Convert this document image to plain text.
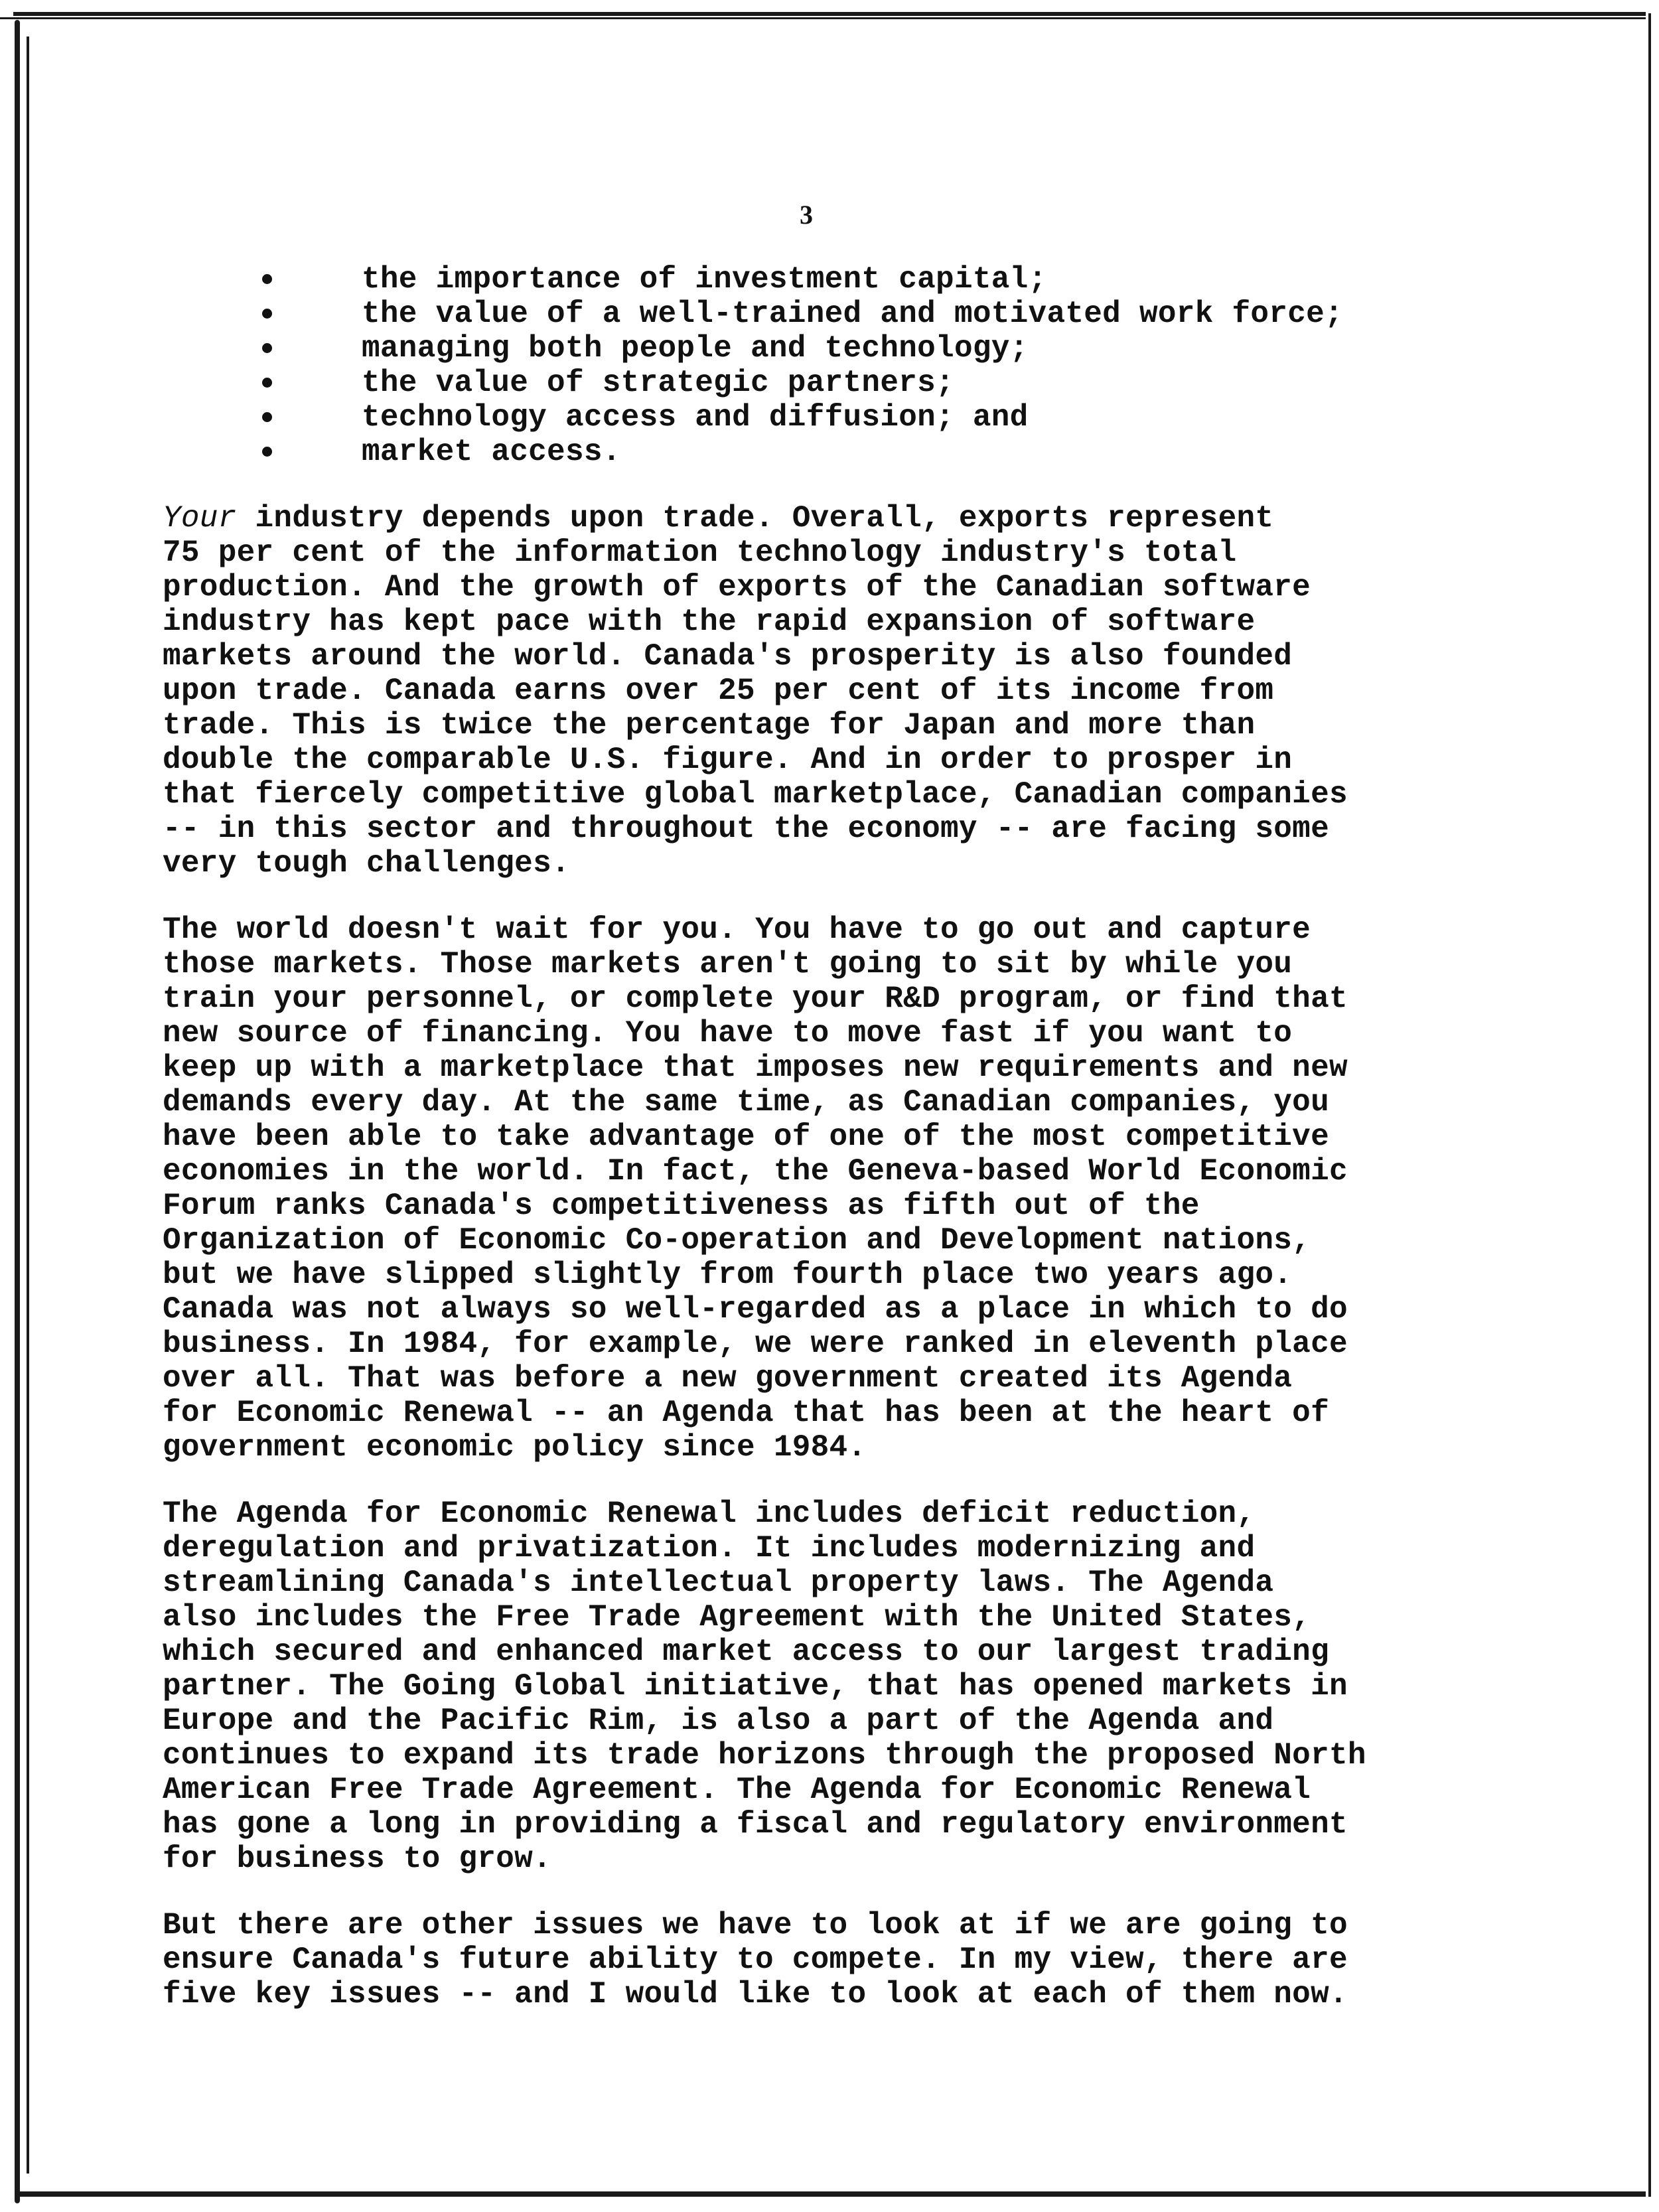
3
the importance of investment capital;
the value of a well-trained and motivated work force;
managing both people and technology;
the value of strategic partners;
technology access and diffusion; and
market access.

Your industry depends upon trade. Overall, exports represent
75 per cent of the information technology industry's total
production. And the growth of exports of the Canadian software
industry has kept pace with the rapid expansion of software
markets around the world. Canada's prosperity is also founded
upon trade. Canada earns over 25 per cent of its income from
trade. This is twice the percentage for Japan and more than
double the comparable U.S. figure. And in order to prosper in
that fiercely competitive global marketplace, Canadian companies
-- in this sector and throughout the economy -- are facing some
very tough challenges.

The world doesn't wait for you. You have to go out and capture
those markets. Those markets aren't going to sit by while you
train your personnel, or complete your R&D program, or find that
new source of financing. You have to move fast if you want to
keep up with a marketplace that imposes new requirements and new
demands every day. At the same time, as Canadian companies, you
have been able to take advantage of one of the most competitive
economies in the world. In fact, the Geneva-based World Economic
Forum ranks Canada's competitiveness as fifth out of the
Organization of Economic Co-operation and Development nations,
but we have slipped slightly from fourth place two years ago.
Canada was not always so well-regarded as a place in which to do
business. In 1984, for example, we were ranked in eleventh place
over all. That was before a new government created its Agenda
for Economic Renewal -- an Agenda that has been at the heart of
government economic policy since 1984.

The Agenda for Economic Renewal includes deficit reduction,
deregulation and privatization. It includes modernizing and
streamlining Canada's intellectual property laws. The Agenda
also includes the Free Trade Agreement with the United States,
which secured and enhanced market access to our largest trading
partner. The Going Global initiative, that has opened markets in
Europe and the Pacific Rim, is also a part of the Agenda and
continues to expand its trade horizons through the proposed North
American Free Trade Agreement. The Agenda for Economic Renewal
has gone a long in providing a fiscal and regulatory environment
for business to grow.

But there are other issues we have to look at if we are going to
ensure Canada's future ability to compete. In my view, there are
five key issues -- and I would like to look at each of them now.
